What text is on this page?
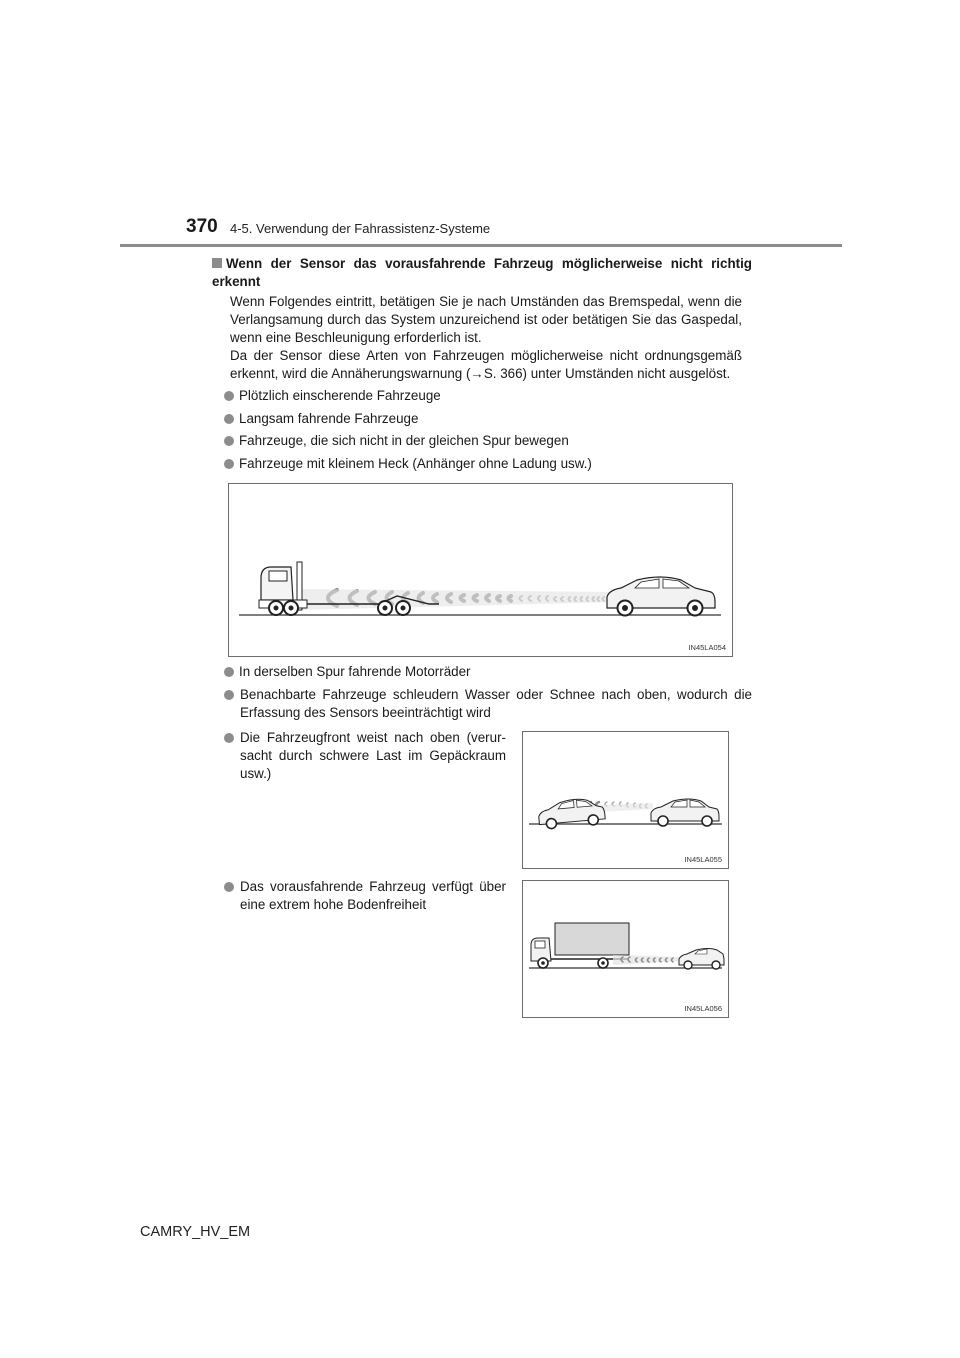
370 4-5. Verwendung der Fahrassistenz-Systeme
Wenn der Sensor das vorausfahrende Fahrzeug möglicherweise nicht richtig erkennt
Wenn Folgendes eintritt, betätigen Sie je nach Umständen das Bremspedal, wenn die
Verlangsamung durch das System unzureichend ist oder betätigen Sie das Gaspedal,
wenn eine Beschleunigung erforderlich ist.
Da der Sensor diese Arten von Fahrzeugen möglicherweise nicht ordnungsgemäß
erkennt, wird die Annäherungswarnung (→S. 366) unter Umständen nicht ausgelöst.
Plötzlich einscherende Fahrzeuge
Langsam fahrende Fahrzeuge
Fahrzeuge, die sich nicht in der gleichen Spur bewegen
Fahrzeuge mit kleinem Heck (Anhänger ohne Ladung usw.)
IN45LA054
In derselben Spur fahrende Motorräder
Benachbarte Fahrzeuge schleudern Wasser oder Schnee nach oben, wodurch die
Erfassung des Sensors beeinträchtigt wird
Die Fahrzeugfront weist nach oben (verur-
sacht durch schwere Last im Gepäckraum
usw.)
IN45LA055
Das vorausfahrende Fahrzeug verfügt über
eine extrem hohe Bodenfreiheit
IN45LA056
CAMRY_HV_EM
